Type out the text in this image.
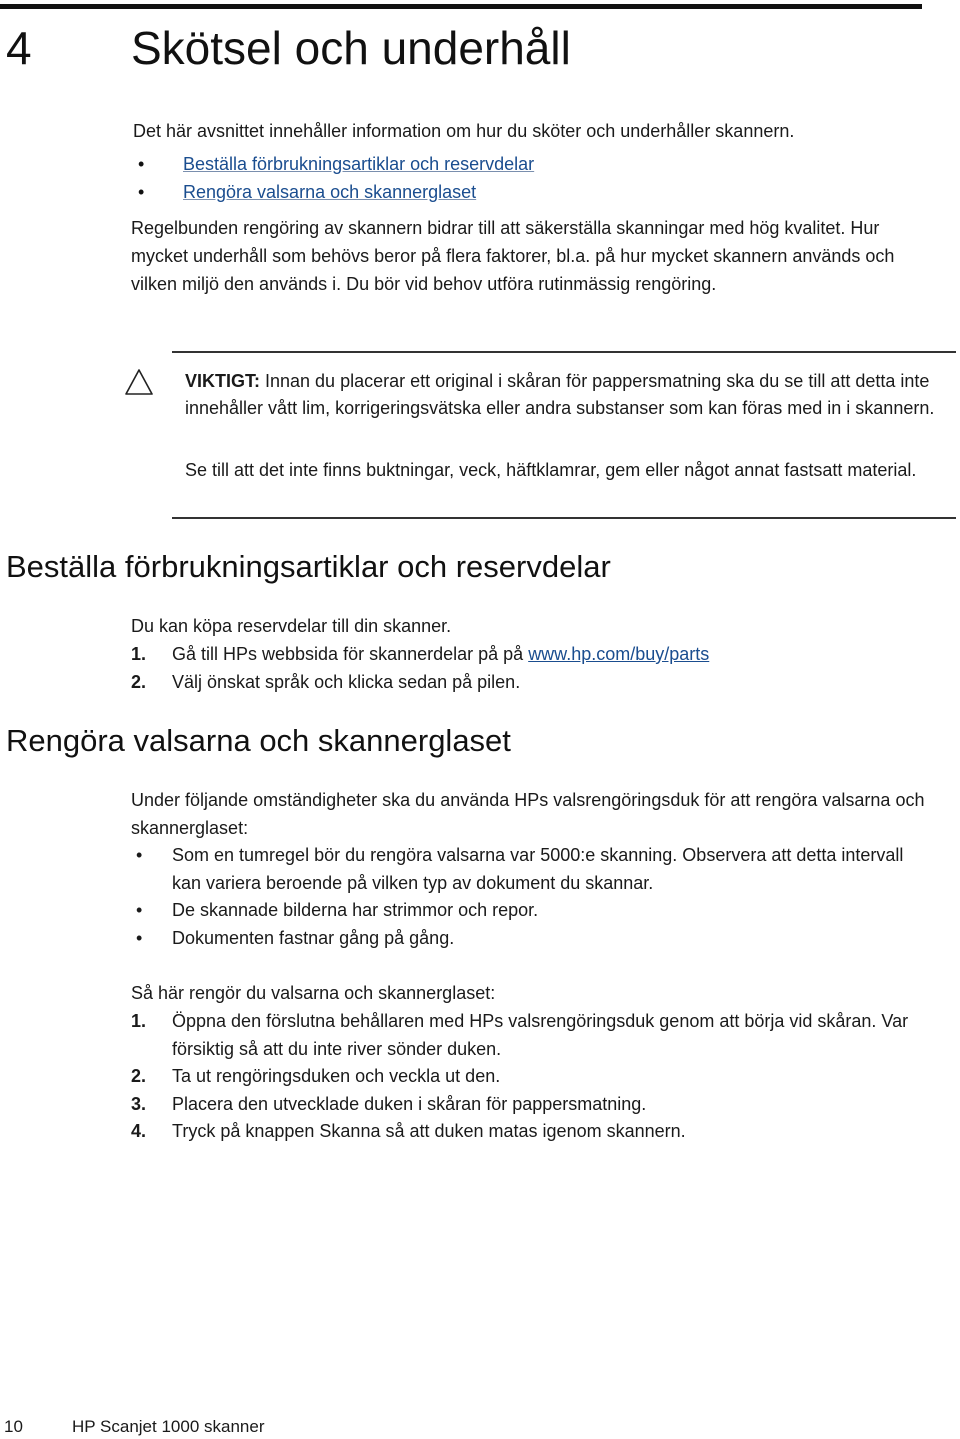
4 Skötsel och underhåll

Det här avsnittet innehåller information om hur du sköter och underhåller skannern.

• Beställa förbrukningsartiklar och reservdelar
• Rengöra valsarna och skannerglaset

Regelbunden rengöring av skannern bidrar till att säkerställa skanningar med hög kvalitet. Hur mycket underhåll som behövs beror på flera faktorer, bl.a. på hur mycket skannern används och vilken miljö den används i. Du bör vid behov utföra rutinmässig rengöring.

VIKTIGT: Innan du placerar ett original i skåran för pappersmatning ska du se till att detta inte innehåller vått lim, korrigeringsvätska eller andra substanser som kan föras med in i skannern.

Se till att det inte finns buktningar, veck, häftklamrar, gem eller något annat fastsatt material.

Beställa förbrukningsartiklar och reservdelar

Du kan köpa reservdelar till din skanner.

1.	Gå till HPs webbsida för skannerdelar på på www.hp.com/buy/parts
2.	Välj önskat språk och klicka sedan på pilen.
Rengöra valsarna och skannerglaset

Under följande omständigheter ska du använda HPs valsrengöringsduk för att rengöra valsarna och skannerglaset:

•	Som en tumregel bör du rengöra valsarna var 5000:e skanning. Observera att detta intervall kan variera beroende på vilken typ av dokument du skannar.
•	De skannade bilderna har strimmor och repor.
•	Dokumenten fastnar gång på gång.

Så här rengör du valsarna och skannerglaset:

1.	Öppna den förslutna behållaren med HPs valsrengöringsduk genom att börja vid skåran. Var försiktig så att du inte river sönder duken.
2.	Ta ut rengöringsduken och veckla ut den.
3.	Placera den utvecklade duken i skåran för pappersmatning.
4.	Tryck på knappen Skanna så att duken matas igenom skannern.
10	HP Scanjet 1000 skanner
